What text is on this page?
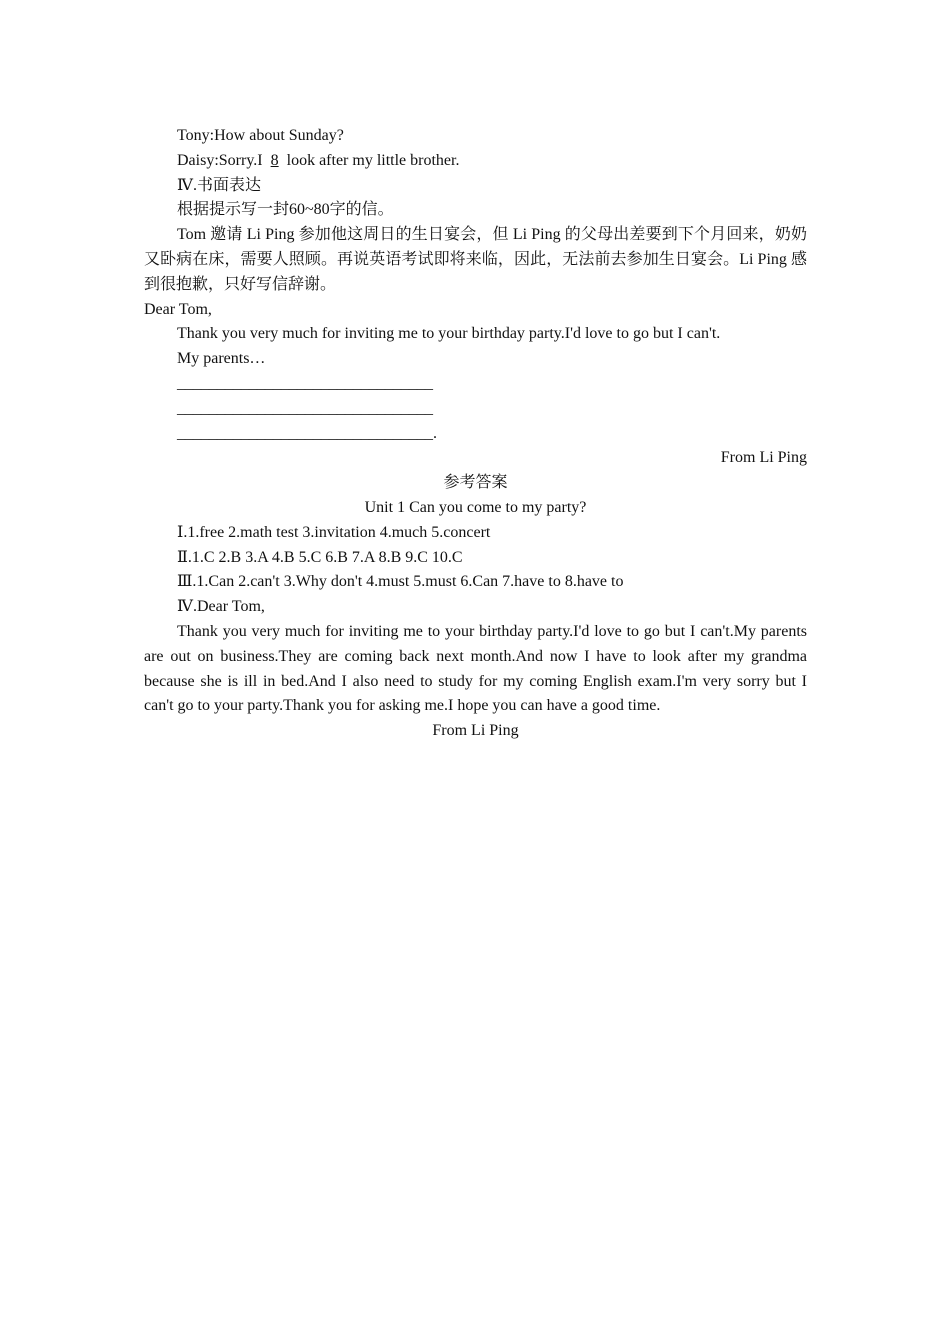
Tony:How about Sunday?
Daisy:Sorry.I 8 look after my little brother.
Ⅳ.书面表达
根据提示写一封60~80字的信。
Tom 邀请 Li Ping 参加他这周日的生日宴会，但 Li Ping 的父母出差要到下个月回来，奶奶又卧病在床，需要人照顾。再说英语考试即将来临，因此，无法前去参加生日宴会。Li Ping 感到很抱歉，只好写信辞谢。
Dear Tom,
Thank you very much for inviting me to your birthday party.I'd love to go but I can't.
My parents…
________________________________
________________________________
________________________________.
From Li Ping
参考答案
Unit 1 Can you come to my party?
Ⅰ.1.free 2.math test 3.invitation 4.much 5.concert
Ⅱ.1.C 2.B 3.A 4.B 5.C 6.B 7.A 8.B 9.C 10.C
Ⅲ.1.Can 2.can't 3.Why don't 4.must 5.must 6.Can 7.have to 8.have to
Ⅳ.Dear Tom,
Thank you very much for inviting me to your birthday party.I'd love to go but I can't.My parents are out on business.They are coming back next month.And now I have to look after my grandma because she is ill in bed.And I also need to study for my coming English exam.I'm very sorry but I can't go to your party.Thank you for asking me.I hope you can have a good time.
From Li Ping
